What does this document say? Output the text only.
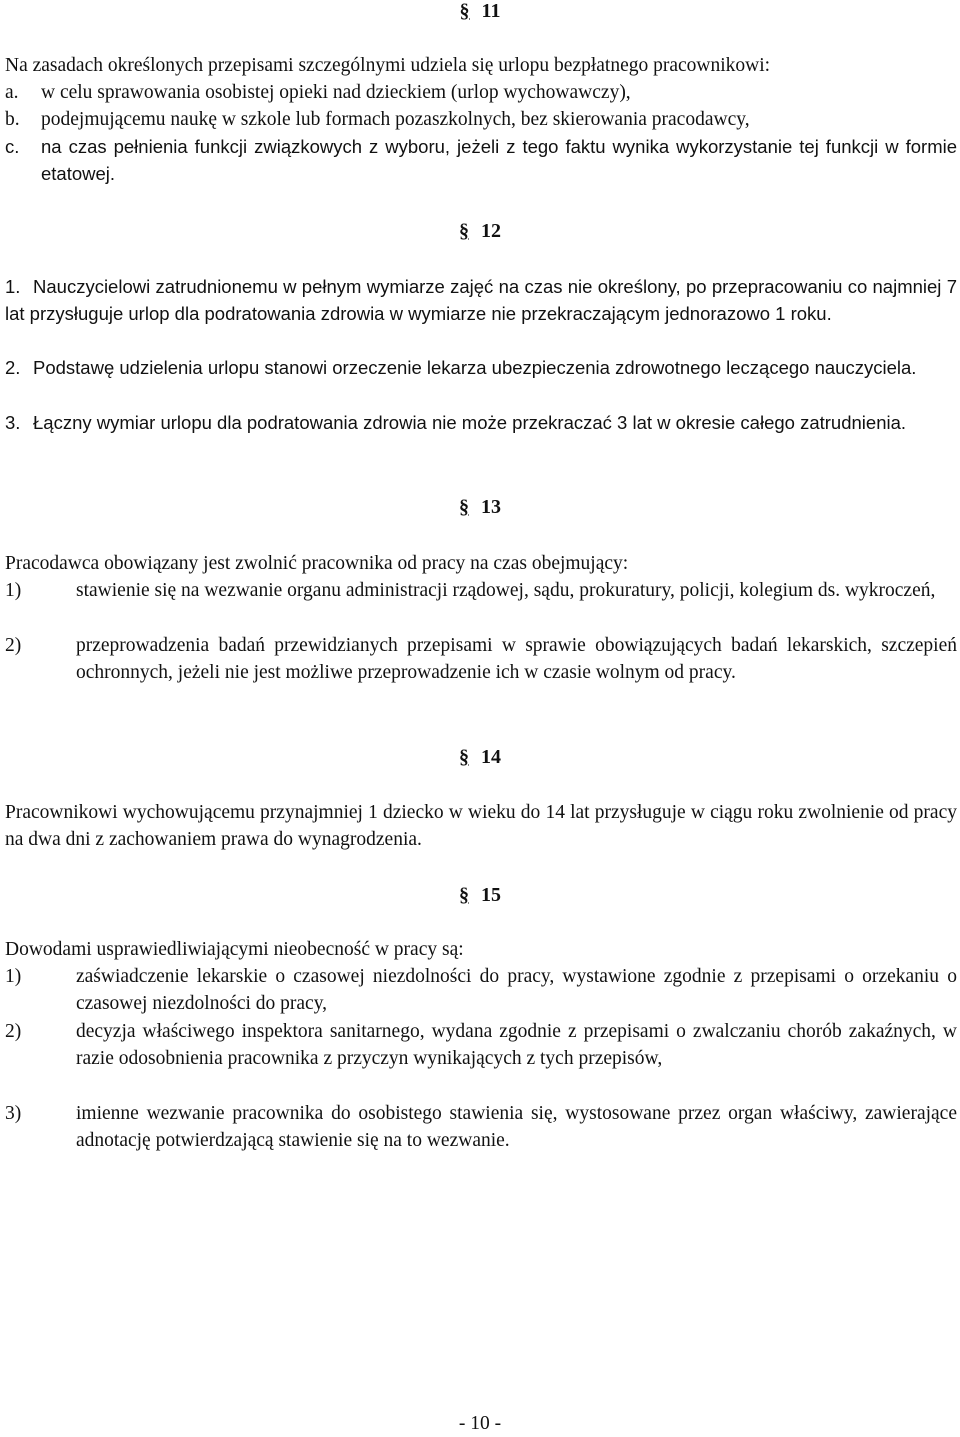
§ 11
Na zasadach określonych przepisami szczególnymi udziela się urlopu bezpłatnego pracownikowi:
a.	w celu sprawowania osobistej opieki nad dzieckiem (urlop wychowawczy),
b.	podejmującemu naukę w szkole lub formach pozaszkolnych, bez skierowania pracodawcy,
c.	na czas pełnienia funkcji związkowych z wyboru, jeżeli z tego faktu wynika wykorzystanie tej funkcji w formie etatowej.
§ 12
1. Nauczycielowi zatrudnionemu w pełnym wymiarze zajęć na czas nie określony, po przepracowaniu co najmniej 7 lat przysługuje urlop dla podratowania zdrowia w wymiarze nie przekraczającym jednorazowo 1 roku.
2. Podstawę udzielenia urlopu stanowi orzeczenie lekarza ubezpieczenia zdrowotnego leczącego nauczyciela.
3. Łączny wymiar urlopu dla podratowania zdrowia nie może przekraczać 3 lat w okresie całego zatrudnienia.
§ 13
Pracodawca obowiązany jest zwolnić pracownika od pracy na czas obejmujący:
1)	stawienie się na wezwanie organu administracji rządowej, sądu, prokuratury, policji, kolegium ds. wykroczeń,
2)	przeprowadzenia badań przewidzianych przepisami w sprawie obowiązujących badań lekarskich, szczepień ochronnych, jeżeli nie jest możliwe przeprowadzenie ich w czasie wolnym od pracy.
§ 14
Pracownikowi wychowującemu przynajmniej 1 dziecko w wieku do 14 lat przysługuje w ciągu roku zwolnienie od pracy na dwa dni z zachowaniem prawa do wynagrodzenia.
§ 15
Dowodami usprawiedliwiającymi nieobecność w pracy są:
1)	zaświadczenie lekarskie o czasowej niezdolności do pracy, wystawione zgodnie z przepisami o orzekaniu o czasowej niezdolności do pracy,
2)	decyzja właściwego inspektora sanitarnego, wydana zgodnie z przepisami o zwalczaniu chorób zakaźnych, w razie odosobnienia pracownika z przyczyn wynikających z tych przepisów,
3)	imienne wezwanie pracownika do osobistego stawienia się, wystosowane przez organ właściwy, zawierające adnotację potwierdzającą stawienie się na to wezwanie.
- 10 -
